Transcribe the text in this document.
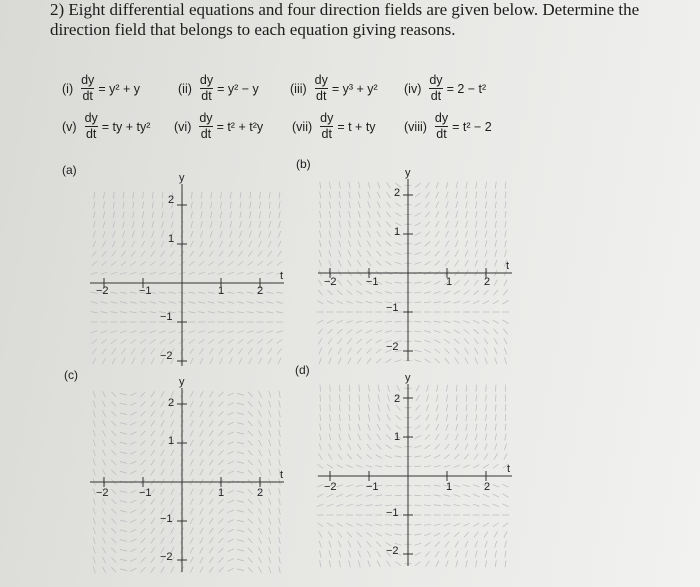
2) Eight differential equations and four direction fields are given below. Determine the
direction field that belongs to each equation giving reasons.
$(i) \frac{dy}{dt} = y^2 + y$	$(ii) \frac{dy}{dt} = y^2 - y$ $(iii) \frac{dy}{dt} = y^3 + y^2$ $(iv) \frac{dy}{dt} = 2 - t^2$
$(v) \frac{dy}{dt}$ = ty + ty² $(vi) \frac{dy}{dt} = t^2 + t^2y$ $(vii) \frac{dy}{dt} = t$ + ty (viii) $\frac{dy}{dt} = t^2 - 2$
(a)	(b)
(c)	(d)
y
t
−2	−1	1	2
2
1
−1
−2
y
t
−2	−1	1	2
2
1
−1
−2
y
t
−2	−1	1	2
2
1
−1
−2
y
t
−2	−1	1	2
2
1
−1
−2
